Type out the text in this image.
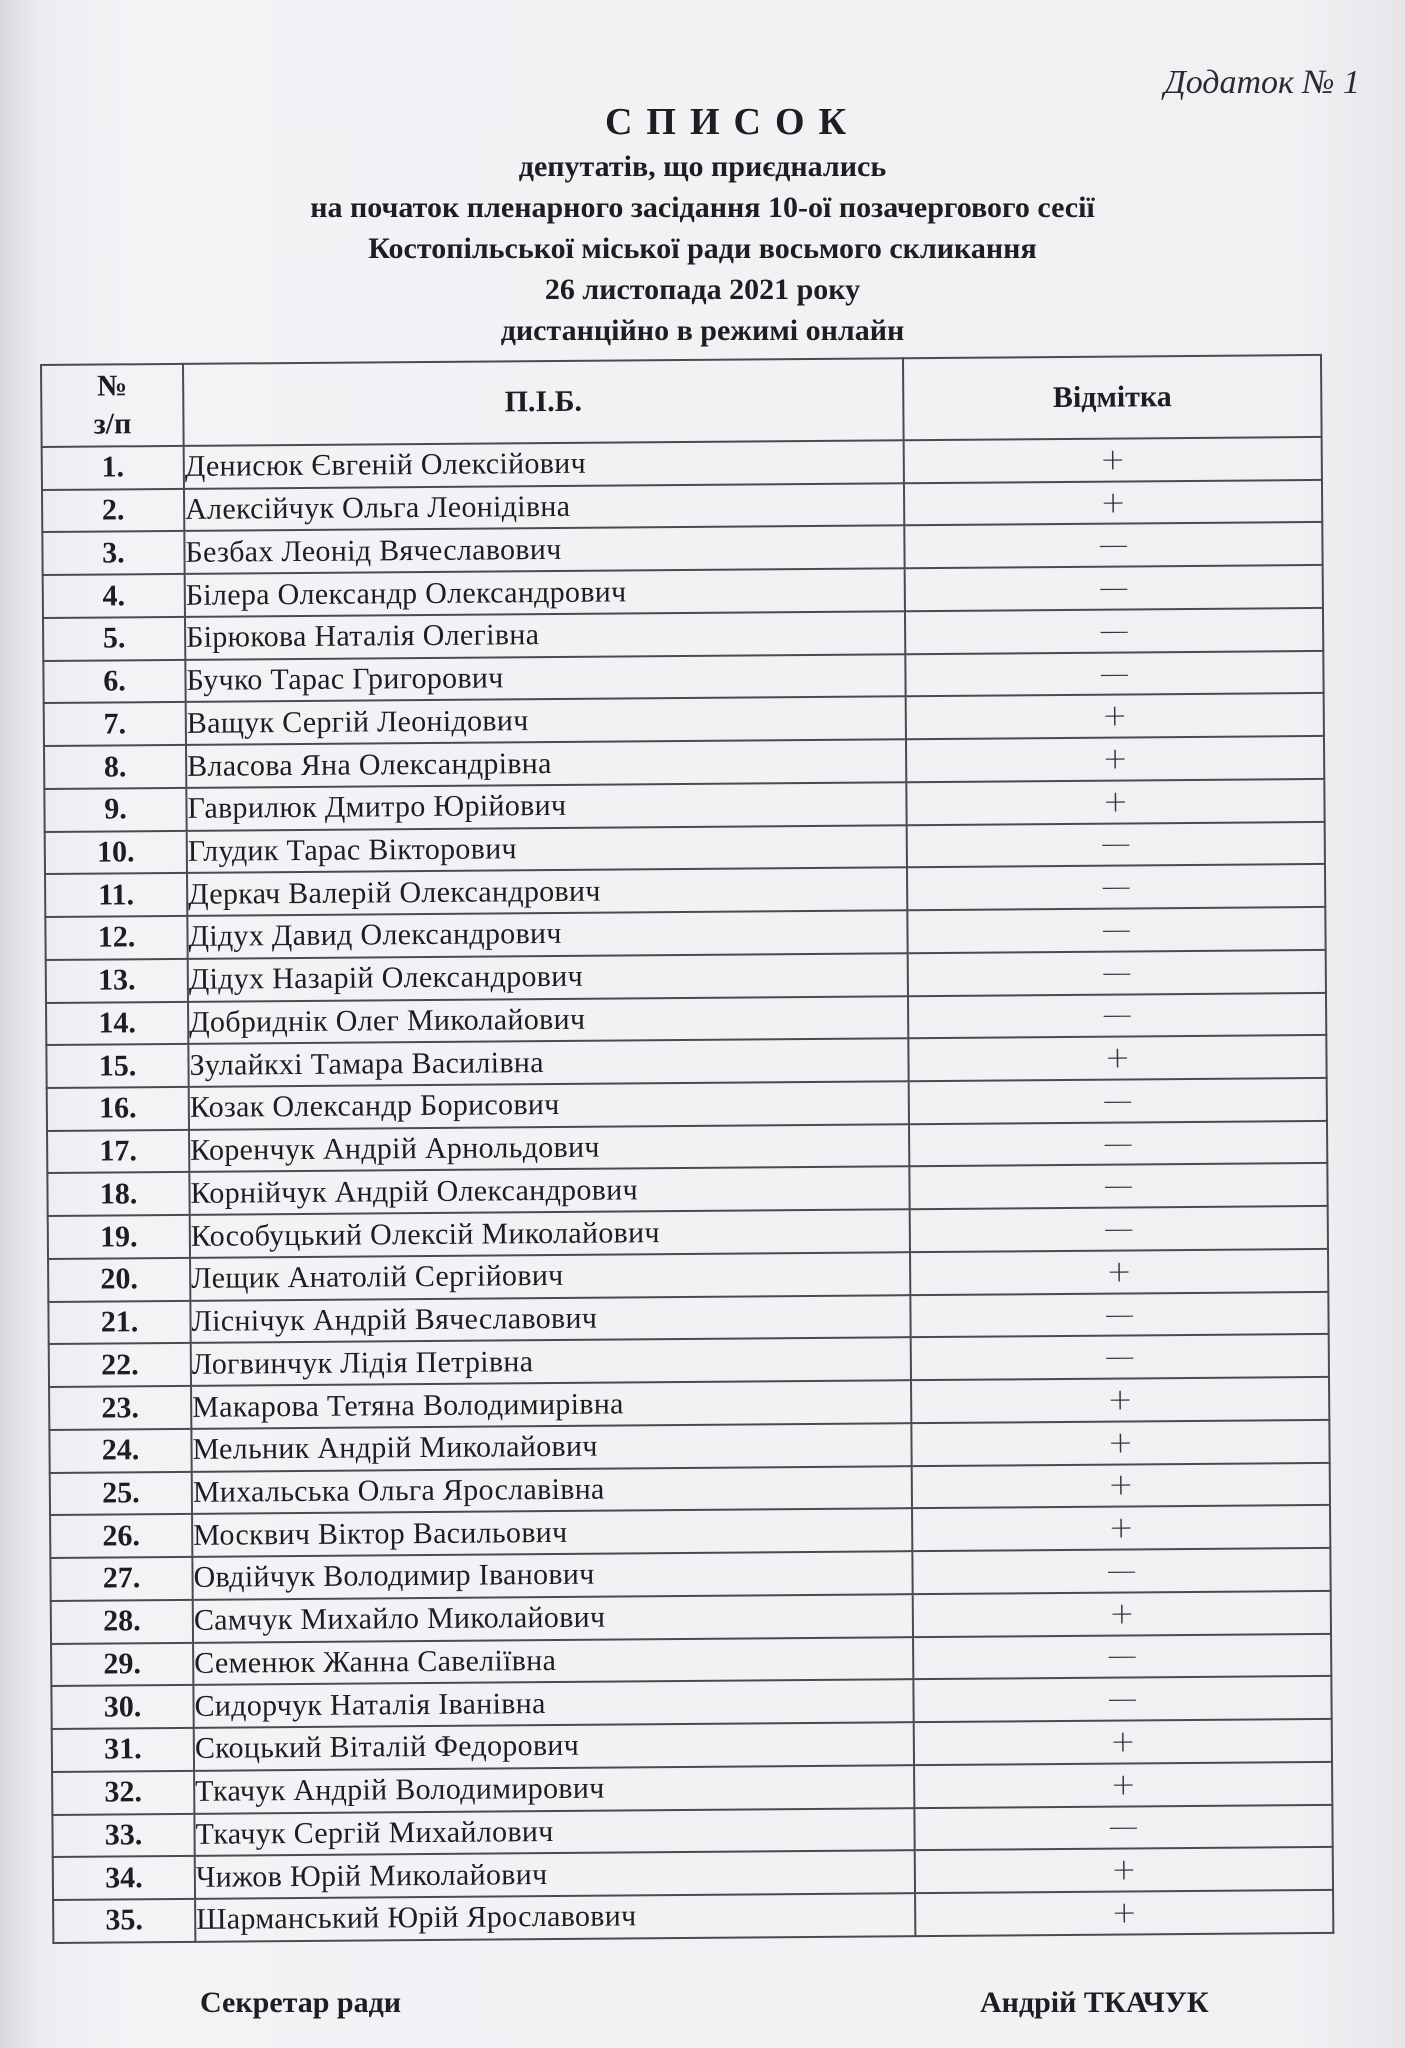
Додаток № 1
СПИСОК
депутатів, що приєднались
на початок пленарного засідання 10-ої позачергового сесії
Костопільської міської ради восьмого скликання
26 листопада 2021 року
дистанційно в режимі онлайн
№
з/п	П.І.Б.	Відмітка
1.	Денисюк Євгеній Олексійович	+
2.	Алексійчук Ольга Леонідівна	+
3.	Безбах Леонід Вячеславович	—
4.	Білера Олександр Олександрович	—
5.	Бірюкова Наталія Олегівна	—
6.	Бучко Тарас Григорович	—
7.	Ващук Сергій Леонідович	+
8.	Власова Яна Олександрівна	+
9.	Гаврилюк Дмитро Юрійович	+
10.	Глудик Тарас Вікторович	—
11.	Деркач Валерій Олександрович	—
12.	Дідух Давид Олександрович	—
13.	Дідух Назарій Олександрович	—
14.	Добриднік Олег Миколайович	—
15.	Зулайкхі Тамара Василівна	+
16.	Козак Олександр Борисович	—
17.	Коренчук Андрій Арнольдович	—
18.	Корнійчук Андрій Олександрович	—
19.	Кособуцький Олексій Миколайович	—
20.	Лещик Анатолій Сергійович	+
21.	Ліснічук Андрій Вячеславович	—
22.	Логвинчук Лідія Петрівна	—
23.	Макарова Тетяна Володимирівна	+
24.	Мельник Андрій Миколайович	+
25.	Михальська Ольга Ярославівна	+
26.	Москвич Віктор Васильович	+
27.	Овдійчук Володимир Іванович	—
28.	Самчук Михайло Миколайович	+
29.	Семенюк Жанна Савеліївна	—
30.	Сидорчук Наталія Іванівна	—
31.	Скоцький Віталій Федорович	+
32.	Ткачук Андрій Володимирович	+
33.	Ткачук Сергій Михайлович	—
34.	Чижов Юрій Миколайович	+
35.	Шарманський Юрій Ярославович	+
Секретар ради	Андрій ТКАЧУК
